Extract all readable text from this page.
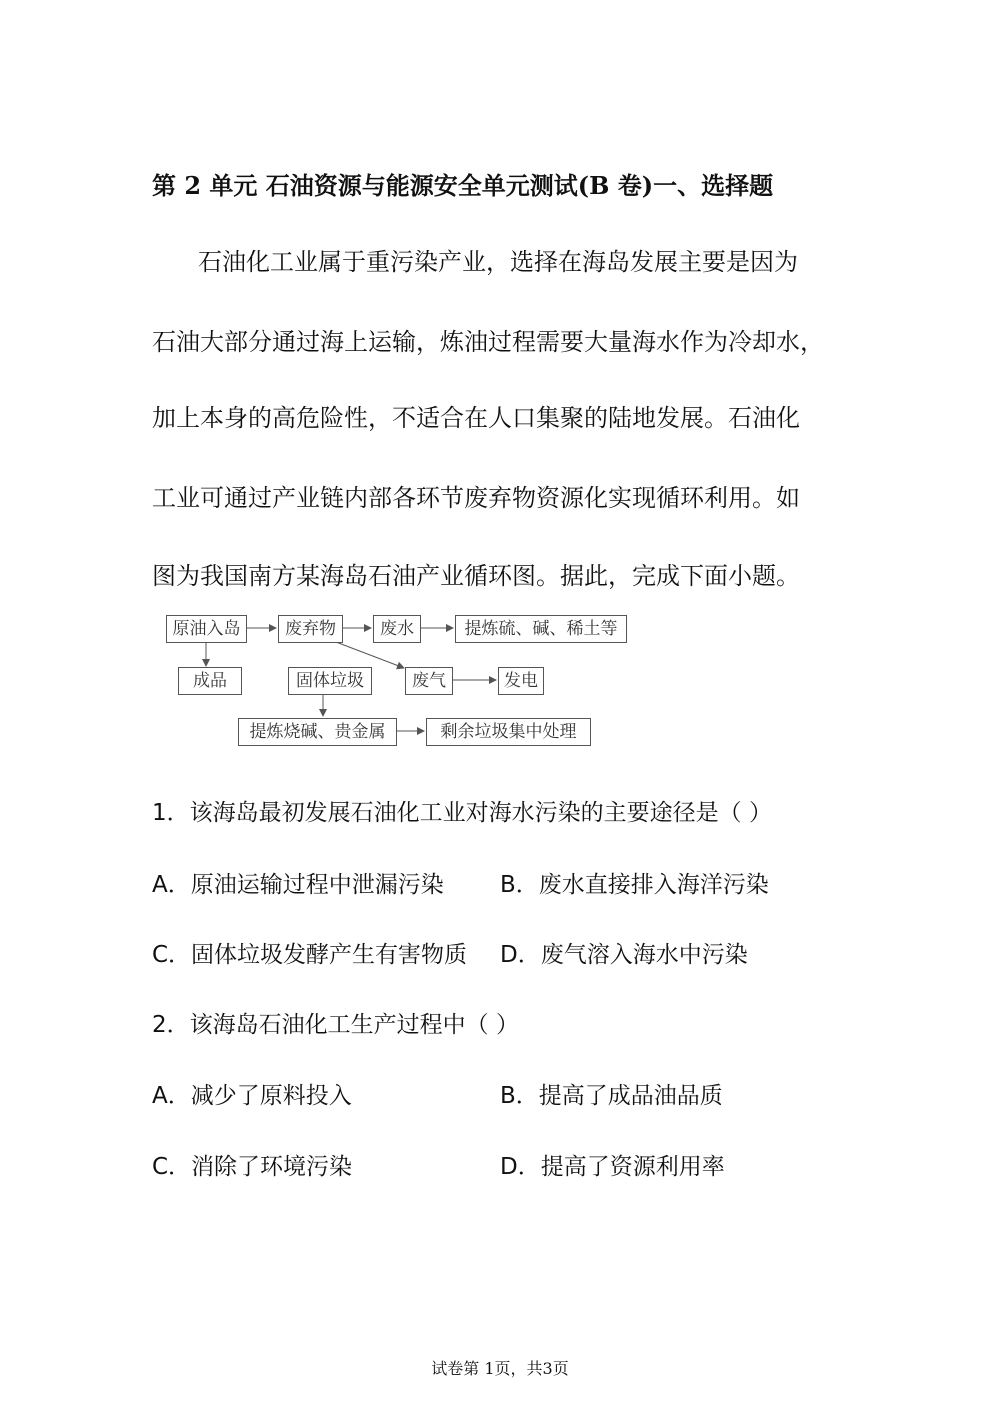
第 2 单元 石油资源与能源安全单元测试(B 卷)一、选择题
石油化工业属于重污染产业，选择在海岛发展主要是因为
石油大部分通过海上运输，炼油过程需要大量海水作为冷却水，
加上本身的高危险性，不适合在人口集聚的陆地发展。石油化
工业可通过产业链内部各环节废弃物资源化实现循环利用。如
图为我国南方某海岛石油产业循环图。据此，完成下面小题。
原油入岛	废弃物	废水	提炼硫、碱、稀土等
成品	固体垃圾	废气	发电
提炼烧碱、贵金属	剩余垃圾集中处理
1．该海岛最初发展石油化工业对海水污染的主要途径是（ ）
A．原油运输过程中泄漏污染 B．废水直接排入海洋污染
C．固体垃圾发酵产生有害物质 D．废气溶入海水中污染
2．该海岛石油化工生产过程中（ ）
A．减少了原料投入	B．提高了成品油品质
C．消除了环境污染	D．提高了资源利用率
试卷第 1页，共3页
